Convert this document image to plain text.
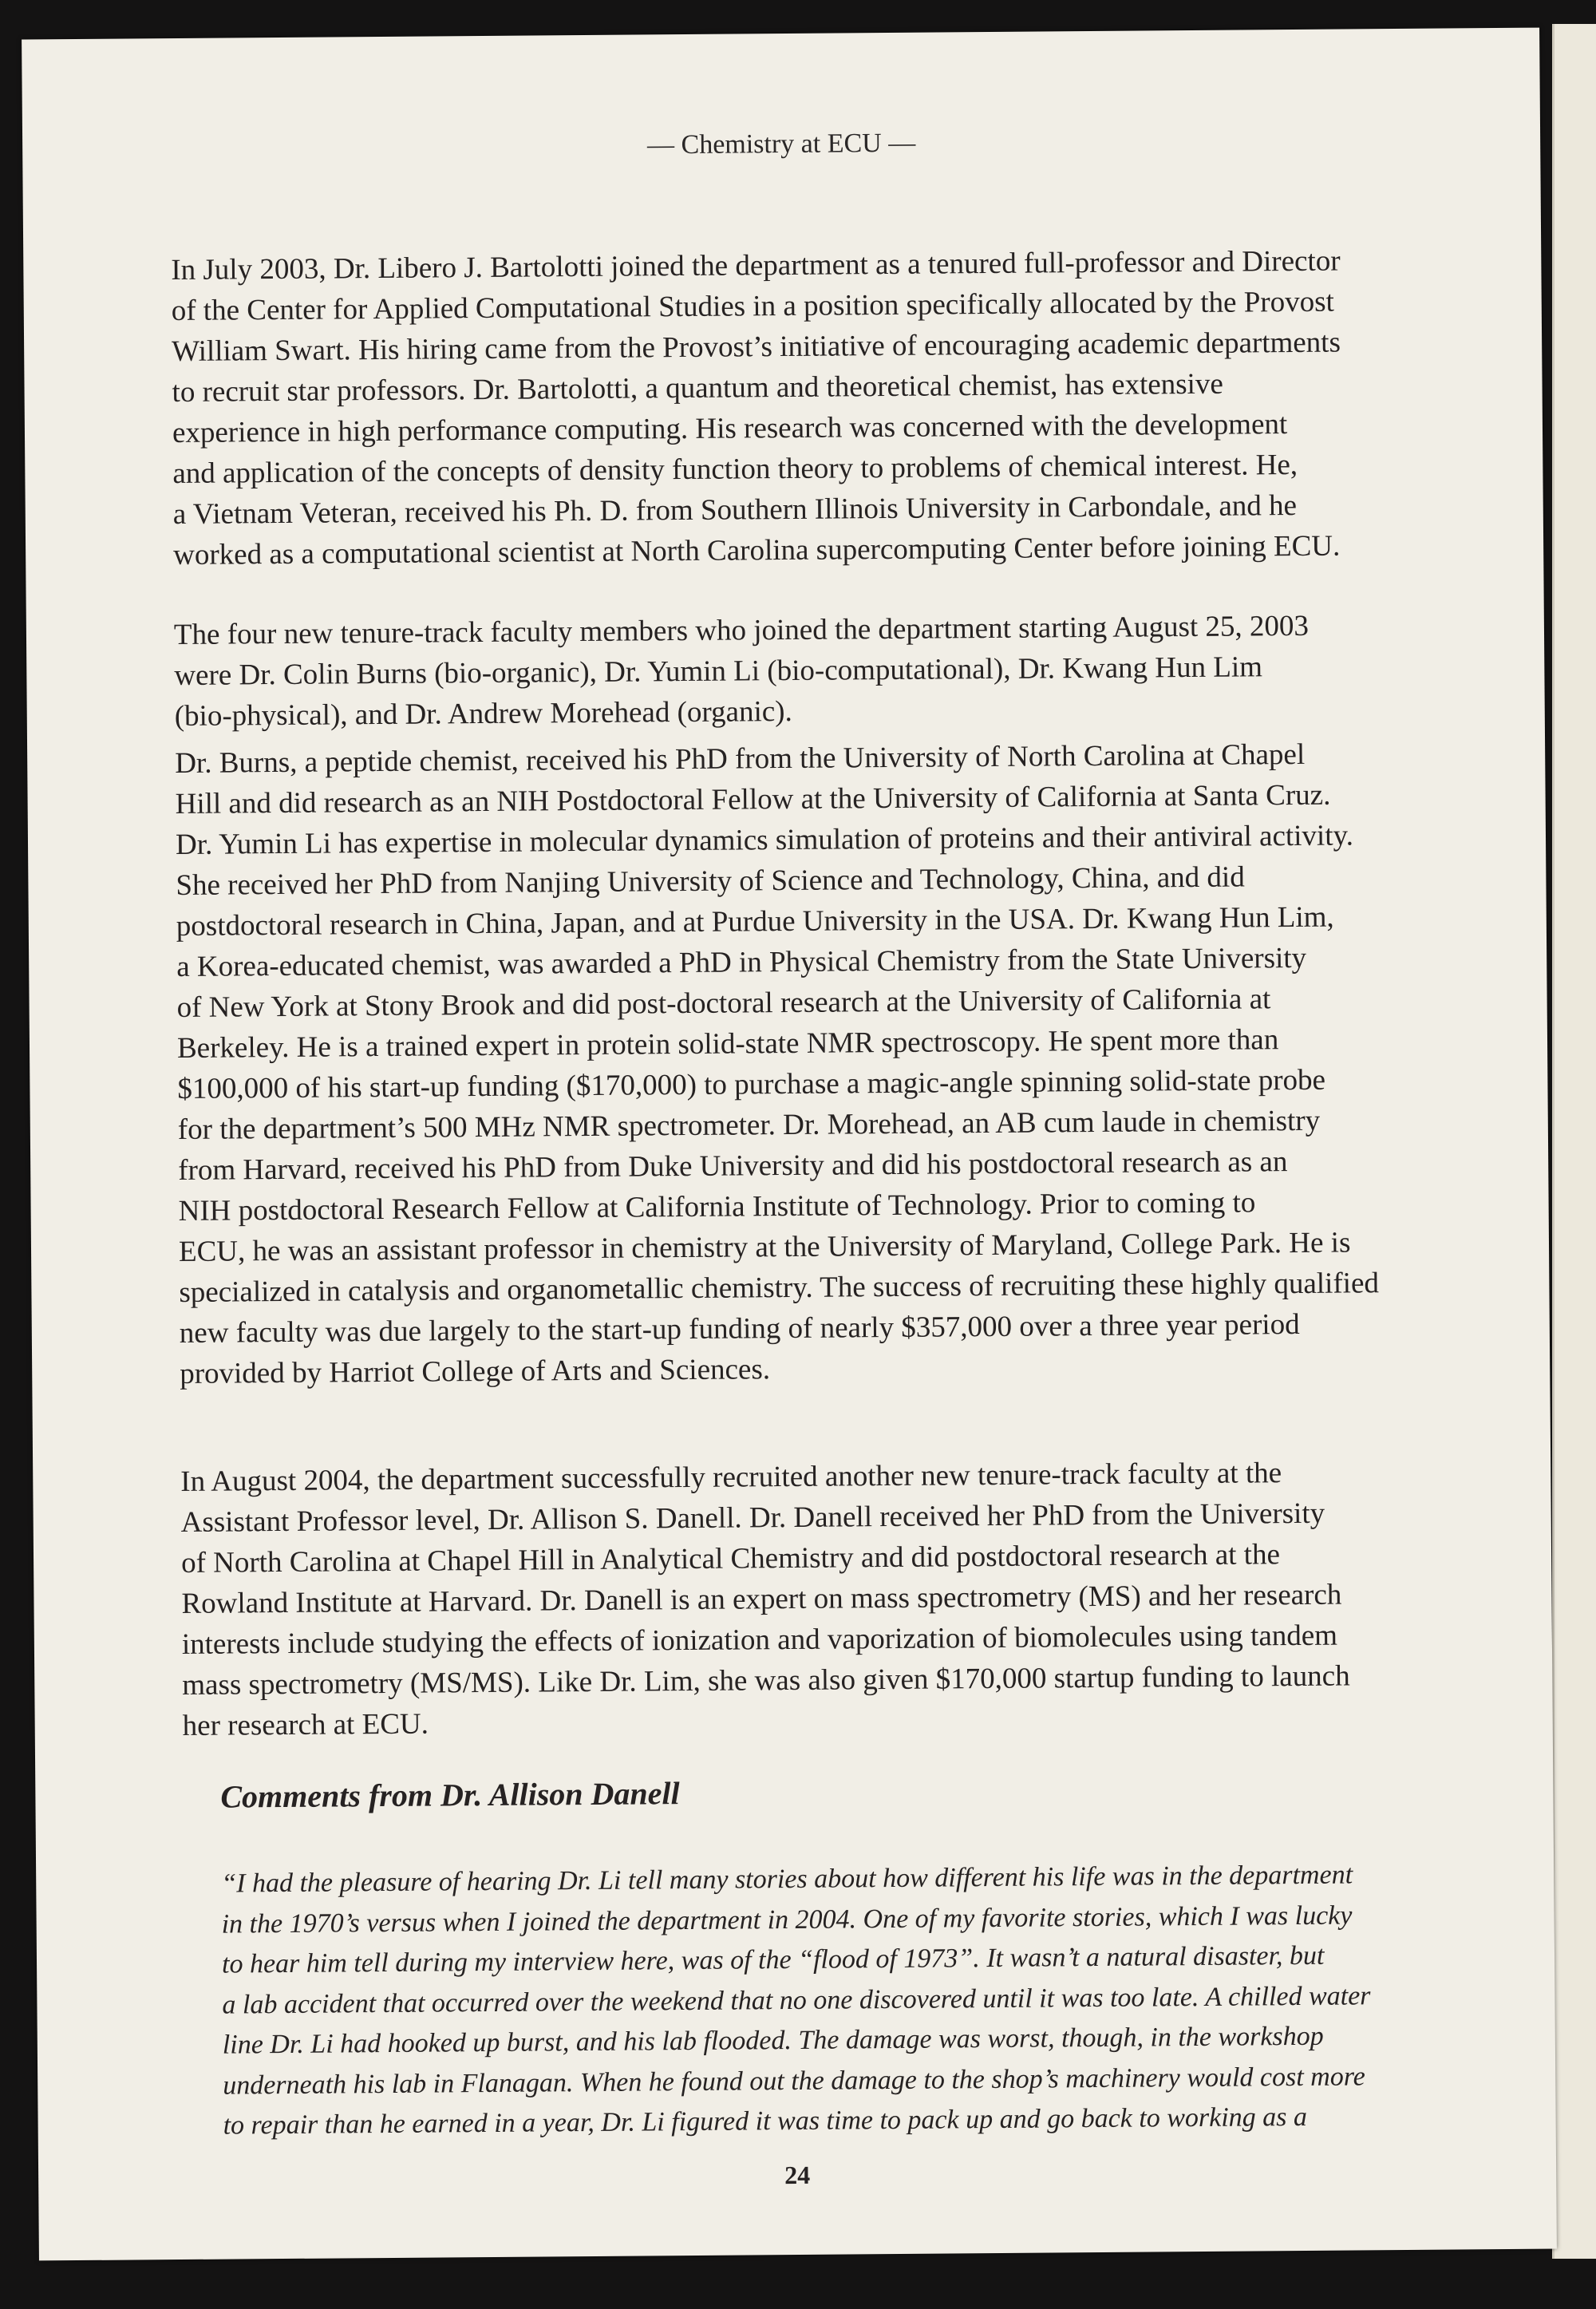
— Chemistry at ECU —
In July 2003, Dr. Libero J. Bartolotti joined the department as a tenured full-professor and Director
of the Center for Applied Computational Studies in a position specifically allocated by the Provost
William Swart. His hiring came from the Provost’s initiative of encouraging academic departments
to recruit star professors. Dr. Bartolotti, a quantum and theoretical chemist, has extensive
experience in high performance computing. His research was concerned with the development
and application of the concepts of density function theory to problems of chemical interest. He,
a Vietnam Veteran, received his Ph. D. from Southern Illinois University in Carbondale, and he
worked as a computational scientist at North Carolina supercomputing Center before joining ECU.
The four new tenure-track faculty members who joined the department starting August 25, 2003
were Dr. Colin Burns (bio-organic), Dr. Yumin Li (bio-computational), Dr. Kwang Hun Lim
(bio-physical), and Dr. Andrew Morehead (organic).
Dr. Burns, a peptide chemist, received his PhD from the University of North Carolina at Chapel
Hill and did research as an NIH Postdoctoral Fellow at the University of California at Santa Cruz.
Dr. Yumin Li has expertise in molecular dynamics simulation of proteins and their antiviral activity.
She received her PhD from Nanjing University of Science and Technology, China, and did
postdoctoral research in China, Japan, and at Purdue University in the USA. Dr. Kwang Hun Lim,
a Korea-educated chemist, was awarded a PhD in Physical Chemistry from the State University
of New York at Stony Brook and did post-doctoral research at the University of California at
Berkeley. He is a trained expert in protein solid-state NMR spectroscopy. He spent more than
$100,000 of his start-up funding ($170,000) to purchase a magic-angle spinning solid-state probe
for the department’s 500 MHz NMR spectrometer. Dr. Morehead, an AB cum laude in chemistry
from Harvard, received his PhD from Duke University and did his postdoctoral research as an
NIH postdoctoral Research Fellow at California Institute of Technology. Prior to coming to
ECU, he was an assistant professor in chemistry at the University of Maryland, College Park. He is
specialized in catalysis and organometallic chemistry. The success of recruiting these highly qualified
new faculty was due largely to the start-up funding of nearly $357,000 over a three year period
provided by Harriot College of Arts and Sciences.
In August 2004, the department successfully recruited another new tenure-track faculty at the
Assistant Professor level, Dr. Allison S. Danell. Dr. Danell received her PhD from the University
of North Carolina at Chapel Hill in Analytical Chemistry and did postdoctoral research at the
Rowland Institute at Harvard. Dr. Danell is an expert on mass spectrometry (MS) and her research
interests include studying the effects of ionization and vaporization of biomolecules using tandem
mass spectrometry (MS/MS). Like Dr. Lim, she was also given $170,000 startup funding to launch
her research at ECU.
Comments from Dr. Allison Danell
“I had the pleasure of hearing Dr. Li tell many stories about how different his life was in the department
in the 1970’s versus when I joined the department in 2004. One of my favorite stories, which I was lucky
to hear him tell during my interview here, was of the “flood of 1973”. It wasn’t a natural disaster, but
a lab accident that occurred over the weekend that no one discovered until it was too late. A chilled water
line Dr. Li had hooked up burst, and his lab flooded. The damage was worst, though, in the workshop
underneath his lab in Flanagan. When he found out the damage to the shop’s machinery would cost more
to repair than he earned in a year, Dr. Li figured it was time to pack up and go back to working as a
24
